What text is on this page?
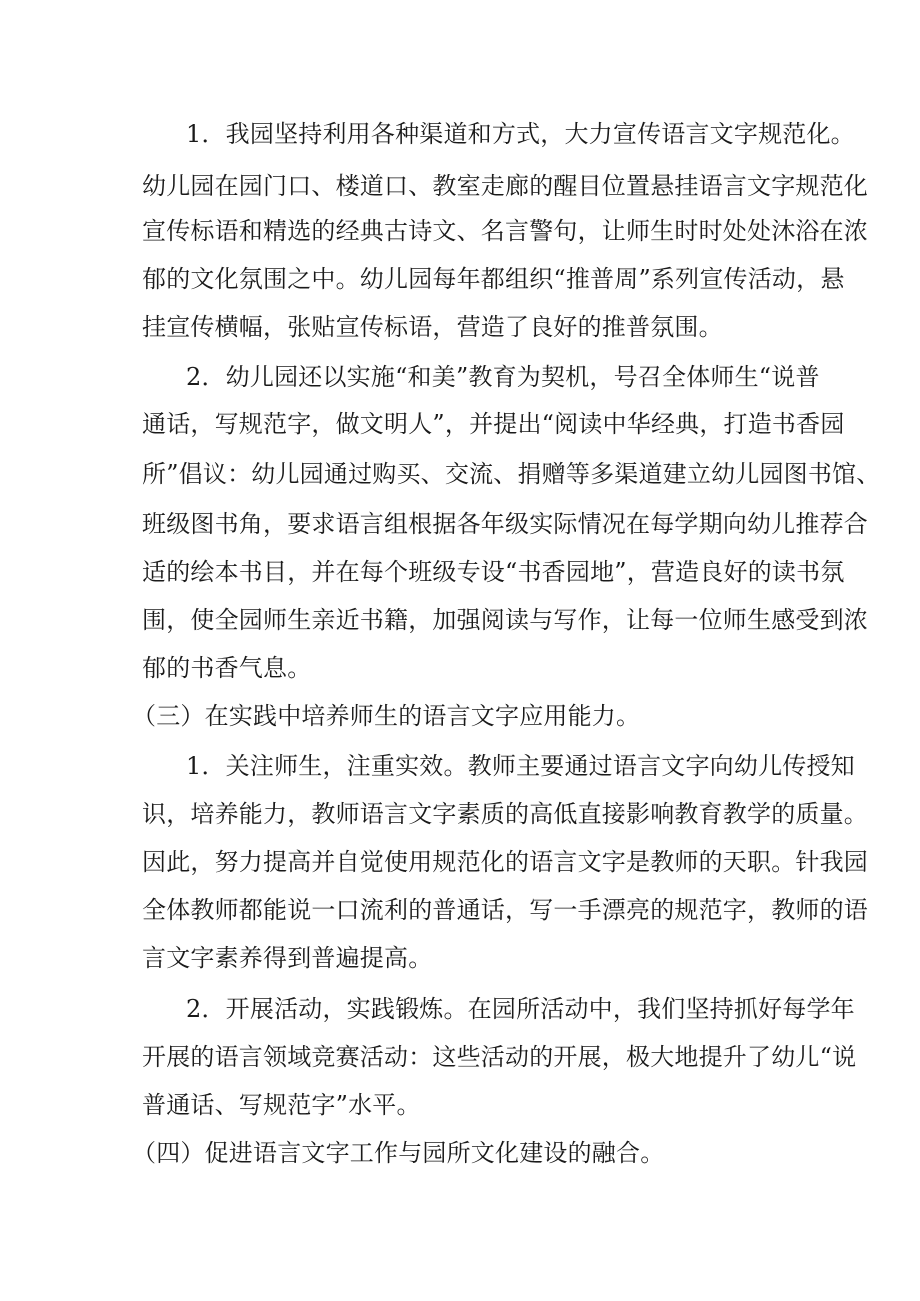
1．我园坚持利用各种渠道和方式，大力宣传语言文字规范化。
幼儿园在园门口、楼道口、教室走廊的醒目位置悬挂语言文字规范化
宣传标语和精选的经典古诗文、名言警句，让师生时时处处沐浴在浓
郁的文化氛围之中。幼儿园每年都组织“推普周”系列宣传活动，悬
挂宣传横幅，张贴宣传标语，营造了良好的推普氛围。
2．幼儿园还以实施“和美”教育为契机，号召全体师生“说普
通话，写规范字，做文明人”，并提出“阅读中华经典，打造书香园
所”倡议：幼儿园通过购买、交流、捐赠等多渠道建立幼儿园图书馆、
班级图书角，要求语言组根据各年级实际情况在每学期向幼儿推荐合
适的绘本书目，并在每个班级专设“书香园地”，营造良好的读书氛
围，使全园师生亲近书籍，加强阅读与写作，让每一位师生感受到浓
郁的书香气息。
（三）在实践中培养师生的语言文字应用能力。
1．关注师生，注重实效。教师主要通过语言文字向幼儿传授知
识，培养能力，教师语言文字素质的高低直接影响教育教学的质量。
因此，努力提高并自觉使用规范化的语言文字是教师的天职。针我园
全体教师都能说一口流利的普通话，写一手漂亮的规范字，教师的语
言文字素养得到普遍提高。
2．开展活动，实践锻炼。在园所活动中，我们坚持抓好每学年
开展的语言领域竞赛活动：这些活动的开展，极大地提升了幼儿“说
普通话、写规范字”水平。
（四）促进语言文字工作与园所文化建设的融合。
